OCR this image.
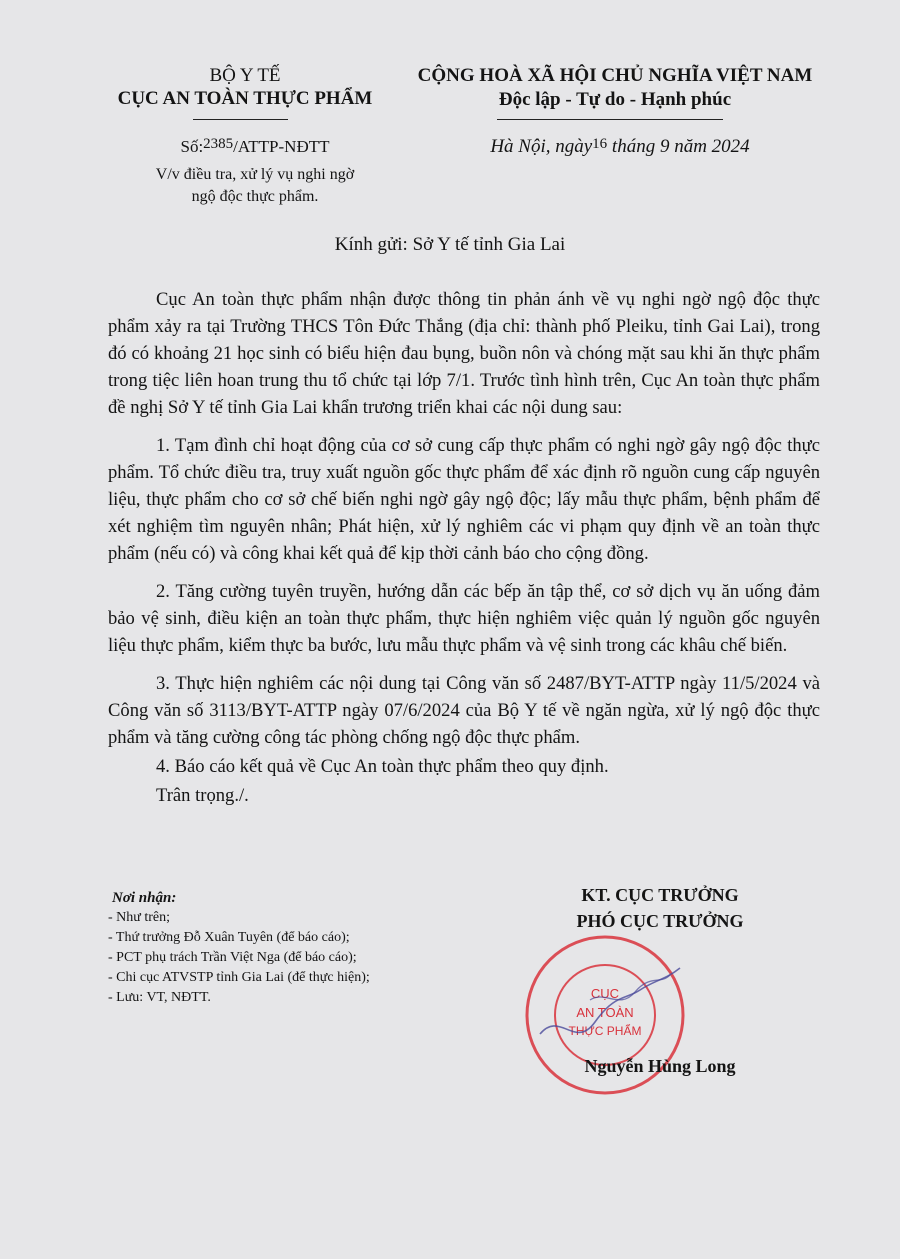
BỘ Y TẾ
CỤC AN TOÀN THỰC PHẨM
CỘNG HOÀ XÃ HỘI CHỦ NGHĨA VIỆT NAM
Độc lập - Tự do - Hạnh phúc
Số:2385/ATTP-NĐTT
V/v điều tra, xử lý vụ nghi ngờ
ngộ độc thực phẩm.
Hà Nội, ngày$^{16}$ tháng 9 năm 2024
Kính gửi: Sở Y tế tỉnh Gia Lai

Cục An toàn thực phẩm nhận được thông tin phản ánh về vụ nghi ngờ ngộ độc thực phẩm xảy ra tại Trường THCS Tôn Đức Thắng (địa chỉ: thành phố Pleiku, tỉnh Gai Lai), trong đó có khoảng 21 học sinh có biểu hiện đau bụng, buồn nôn và chóng mặt sau khi ăn thực phẩm trong tiệc liên hoan trung thu tổ chức tại lớp 7/1. Trước tình hình trên, Cục An toàn thực phẩm đề nghị Sở Y tế tỉnh Gia Lai khẩn trương triển khai các nội dung sau:

1. Tạm đình chỉ hoạt động của cơ sở cung cấp thực phẩm có nghi ngờ gây ngộ độc thực phẩm. Tổ chức điều tra, truy xuất nguồn gốc thực phẩm để xác định rõ nguồn cung cấp nguyên liệu, thực phẩm cho cơ sở chế biến nghi ngờ gây ngộ độc; lấy mẫu thực phẩm, bệnh phẩm để xét nghiệm tìm nguyên nhân; Phát hiện, xử lý nghiêm các vi phạm quy định về an toàn thực phẩm (nếu có) và công khai kết quả để kịp thời cảnh báo cho cộng đồng.

2. Tăng cường tuyên truyền, hướng dẫn các bếp ăn tập thể, cơ sở dịch vụ ăn uống đảm bảo vệ sinh, điều kiện an toàn thực phẩm, thực hiện nghiêm việc quản lý nguồn gốc nguyên liệu thực phẩm, kiểm thực ba bước, lưu mẫu thực phẩm và vệ sinh trong các khâu chế biến.

3. Thực hiện nghiêm các nội dung tại Công văn số 2487/BYT-ATTP ngày 11/5/2024 và Công văn số 3113/BYT-ATTP ngày 07/6/2024 của Bộ Y tế về ngăn ngừa, xử lý ngộ độc thực phẩm và tăng cường công tác phòng chống ngộ độc thực phẩm.

4. Báo cáo kết quả về Cục An toàn thực phẩm theo quy định.

Trân trọng./.

Nơi nhận:
- Như trên;
- Thứ trưởng Đỗ Xuân Tuyên (để báo cáo);
- PCT phụ trách Trần Việt Nga (để báo cáo);
- Chi cục ATVSTP tỉnh Gia Lai (để thực hiện);
- Lưu: VT, NĐTT.
KT. CỤC TRƯỞNG
PHÓ CỤC TRƯỞNG
CỤC
AN TOÀN
THỰC PHẨM
Nguyễn Hùng Long
